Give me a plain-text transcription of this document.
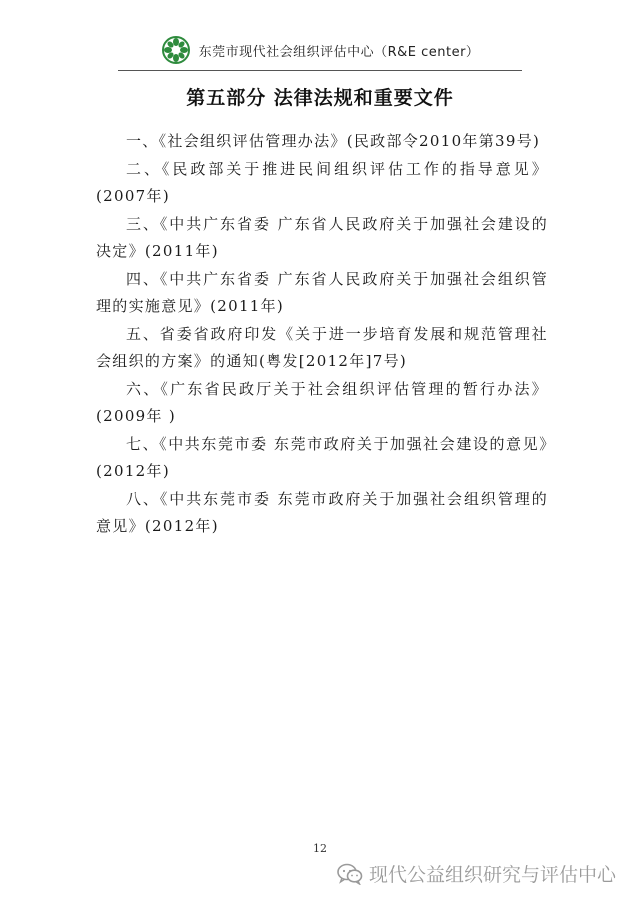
东莞市现代社会组织评估中心（R&E center）
第五部分 法律法规和重要文件
一、《社会组织评估管理办法》(民政部令2010年第39号)
二、《民政部关于推进民间组织评估工作的指导意见》(2007年)
三、《中共广东省委 广东省人民政府关于加强社会建设的决定》(2011年)
四、《中共广东省委 广东省人民政府关于加强社会组织管理的实施意见》(2011年)
五、省委省政府印发《关于进一步培育发展和规范管理社会组织的方案》的通知(粤发[2012年]7号)
六、《广东省民政厅关于社会组织评估管理的暂行办法》(2009年 )
七、《中共东莞市委 东莞市政府关于加强社会建设的意见》(2012年)
八、《中共东莞市委 东莞市政府关于加强社会组织管理的意见》(2012年)
12
现代公益组织研究与评估中心
